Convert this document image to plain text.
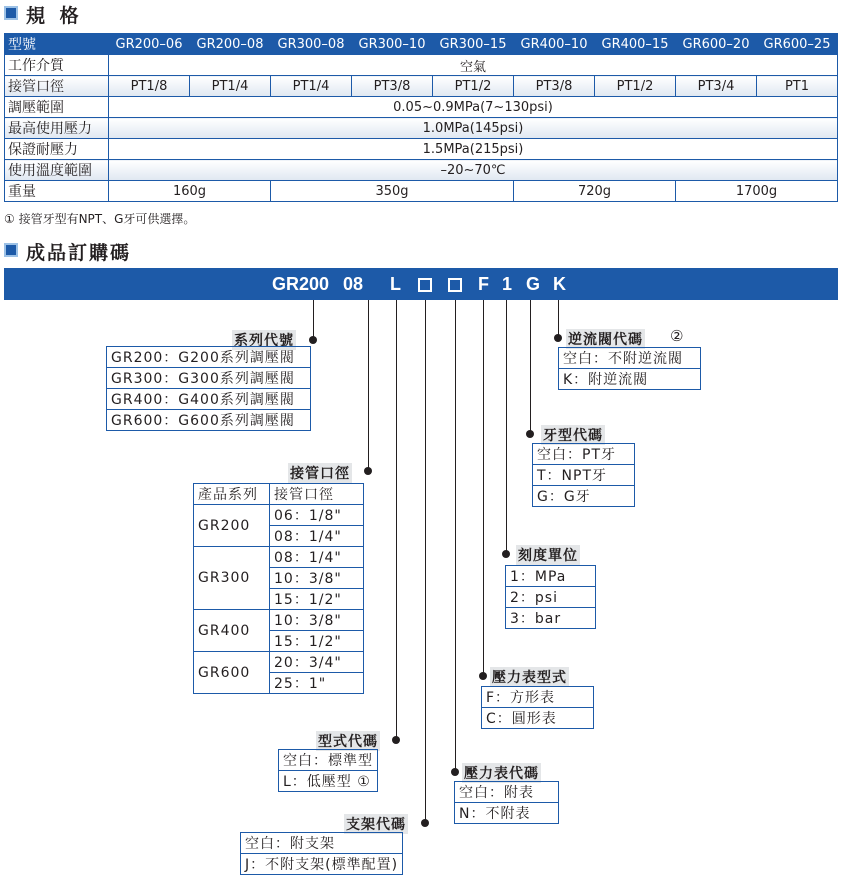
規 格
型號	GR200–06	GR200–08	GR300–08	GR300–10	GR300–15	GR400–10	GR400–15	GR600–20	GR600–25
工作介質	空氣								
接管口徑	PT1/8	PT1/4	PT1/4	PT3/8	PT1/2	PT3/8	PT1/2	PT3/4	PT1
調壓範圍	0.05~0.9MPa(7~130psi)								
最高使用壓力	1.0MPa(145psi)								
保證耐壓力	1.5MPa(215psi)								
使用溫度範圍	–20~70℃								
重量	160g		350g			720g		1700g	
① 接管牙型有NPT、G牙可供選擇。
成品訂購碼
GR200 08 L	F 1 G K
系列代號
GR200：G200系列調壓閥
GR300：G300系列調壓閥
GR400：G400系列調壓閥
GR600：G600系列調壓閥
接管口徑
產品系列	接管口徑
GR200	06：1/8"
	08：1/4"
GR300	08：1/4"
	10：3/8"
	15：1/2"
GR400	10：3/8"
	15：1/2"
GR600	20：3/4"
	25：1"
型式代碼
空白：標準型
L：低壓型 ①
支架代碼
空白：附支架
J：不附支架(標準配置)
壓力表代碼
空白：附表
N：不附表
壓力表型式
F：方形表
C：圓形表
刻度單位
1：MPa
2：psi
3：bar
牙型代碼
空白：PT牙
T：NPT牙
G：G牙
逆流閥代碼 ②
空白：不附逆流閥
K：附逆流閥
